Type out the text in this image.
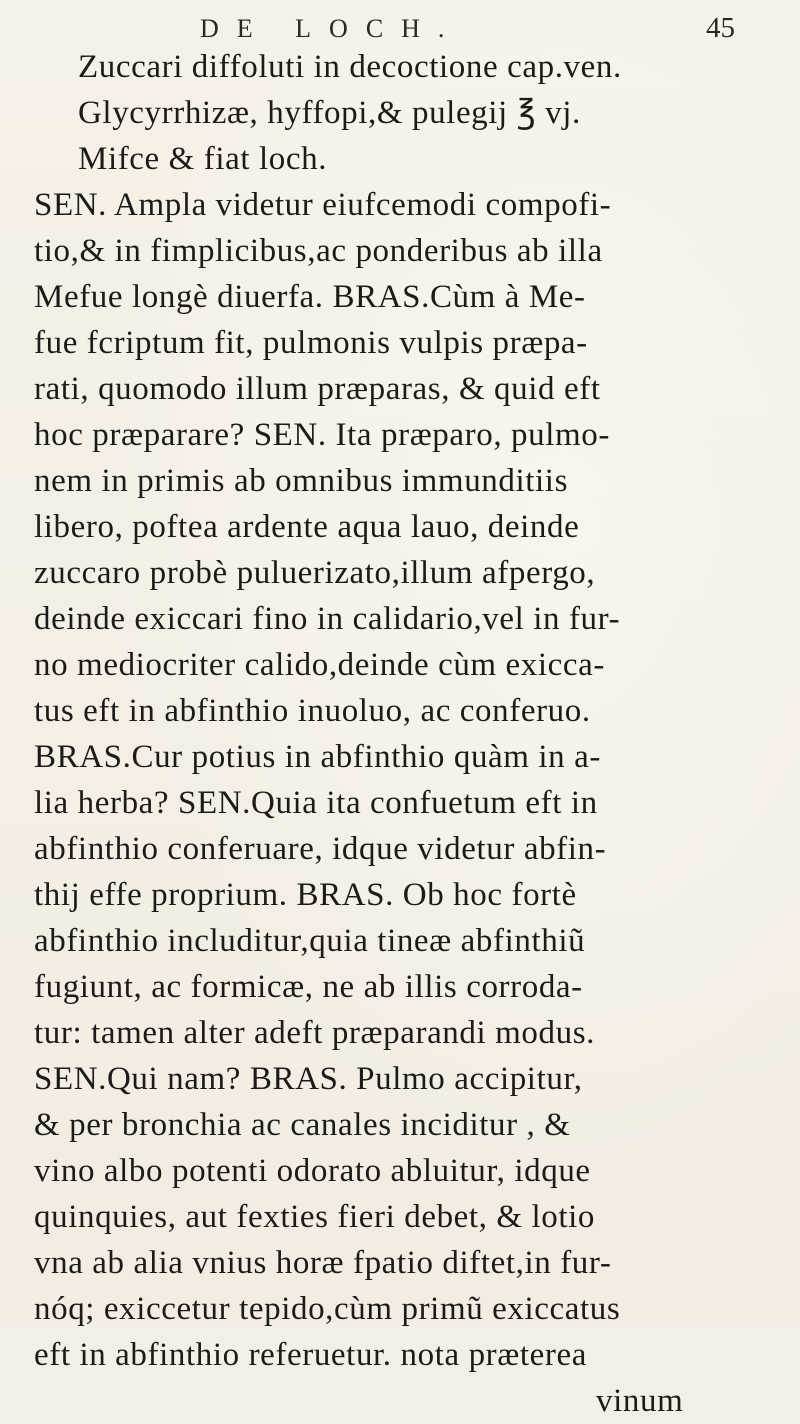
DE LOCH.	45
Zuccari diffoluti in decoctione cap.ven.
Glycyrrhizæ, hyffopi,& pulegij ℥ vj.
Mifce & fiat loch.
SEN. Ampla videtur eiufcemodi compofi-
tio,& in fimplicibus,ac ponderibus ab illa
Mefue longè diuerfa. BRAS.Cùm à Me-
fue fcriptum fit, pulmonis vulpis præpa-
rati, quomodo illum præparas, & quid eft
hoc præparare? SEN. Ita præparo, pulmo-
nem in primis ab omnibus immunditiis
libero, poftea ardente aqua lauo, deinde
zuccaro probè puluerizato,illum afpergo,
deinde exiccari fino in calidario,vel in fur-
no mediocriter calido,deinde cùm exicca-
tus eft in abfinthio inuoluo, ac conferuo.
BRAS.Cur potius in abfinthio quàm in a-
lia herba? SEN.Quia ita confuetum eft in
abfinthio conferuare, idque videtur abfin-
thij effe proprium. BRAS. Ob hoc fortè
abfinthio includitur,quia tineæ abfinthiũ
fugiunt, ac formicæ, ne ab illis corroda-
tur: tamen alter adeft præparandi modus.
SEN.Qui nam? BRAS. Pulmo accipitur,
& per bronchia ac canales inciditur , &
vino albo potenti odorato abluitur, idque
quinquies, aut fexties fieri debet, & lotio
vna ab alia vnius horæ fpatio diftet,in fur-
nóq; exiccetur tepido,cùm primũ exiccatus
eft in abfinthio referuetur. nota præterea
vinum
